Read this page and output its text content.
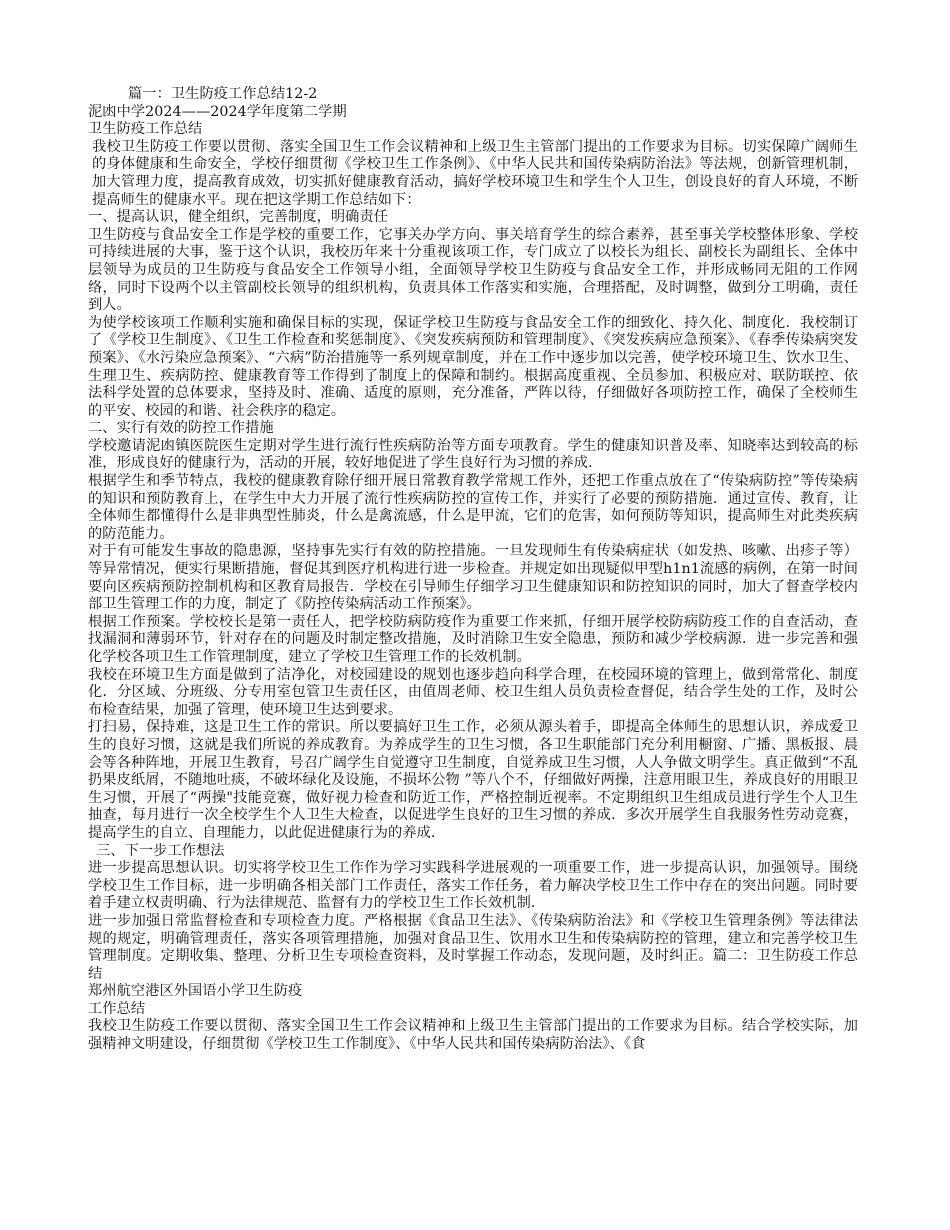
篇一：卫生防疫工作总结12-2

泥凼中学2024——2024学年度第二学期

卫生防疫工作总结

我校卫生防疫工作要以贯彻、落实全国卫生工作会议精神和上级卫生主管部门提出的工作要求为目标。切实保障广阔师生的身体健康和生命安全，学校仔细贯彻《学校卫生工作条例》、《中华人民共和国传染病防治法》等法规，创新管理机制，加大管理力度，提高教育成效，切实抓好健康教育活动，搞好学校环境卫生和学生个人卫生，创设良好的育人环境，不断提高师生的健康水平。现在把这学期工作总结如下：

一、提高认识，健全组织，完善制度，明确责任

卫生防疫与食品安全工作是学校的重要工作，它事关办学方向、事关培育学生的综合素养，甚至事关学校整体形象、学校可持续进展的大事，鉴于这个认识，我校历年来十分重视该项工作，专门成立了以校长为组长、副校长为副组长、全体中层领导为成员的卫生防疫与食品安全工作领导小组，全面领导学校卫生防疫与食品安全工作，并形成畅同无阻的工作网络，同时下设两个以主管副校长领导的组织机构，负责具体工作落实和实施，合理搭配，及时调整，做到分工明确，责任到人。

为使学校该项工作顺利实施和确保目标的实现，保证学校卫生防疫与食品安全工作的细致化、持久化、制度化．我校制订了《学校卫生制度》、《卫生工作检查和奖惩制度》、《突发疾病预防和管理制度》、《突发疾病应急预案》、《春季传染病突发预案》、《水污染应急预案》、“六病”防治措施等一系列规章制度，并在工作中逐步加以完善，使学校环境卫生、饮水卫生、生理卫生、疾病防控、健康教育等工作得到了制度上的保障和制约。根据高度重视、全员参加、积极应对、联防联控、依法科学处置的总体要求，坚持及时、准确、适度的原则，充分准备，严阵以待，仔细做好各项防控工作，确保了全校师生的平安、校园的和谐、社会秩序的稳定。

二、实行有效的防控工作措施

学校邀请泥凼镇医院医生定期对学生进行流行性疾病防治等方面专项教育。学生的健康知识普及率、知晓率达到较高的标准，形成良好的健康行为，活动的开展，较好地促进了学生良好行为习惯的养成．

根据学生和季节特点，我校的健康教育除仔细开展日常教育教学常规工作外，还把工作重点放在了“传染病防控”等传染病的知识和预防教育上，在学生中大力开展了流行性疾病防控的宣传工作，并实行了必要的预防措施．通过宣传、教育，让全体师生都懂得什么是非典型性肺炎，什么是禽流感，什么是甲流，它们的危害，如何预防等知识，提高师生对此类疾病的防范能力。

对于有可能发生事故的隐患源，坚持事先实行有效的防控措施。一旦发现师生有传染病症状（如发热、咳嗽、出疹子等）等异常情况，便实行果断措施，督促其到医疗机构进行进一步检查。并规定如出现疑似甲型h1n1流感的病例，在第一时间要向区疾病预防控制机构和区教育局报告．学校在引导师生仔细学习卫生健康知识和防控知识的同时，加大了督查学校内部卫生管理工作的力度，制定了《防控传染病活动工作预案》。

根据工作预案。学校校长是第一责任人，把学校防病防疫作为重要工作来抓，仔细开展学校防病防疫工作的自查活动，查找漏洞和薄弱环节，针对存在的问题及时制定整改措施，及时消除卫生安全隐患，预防和减少学校病源．进一步完善和强化学校各项卫生工作管理制度，建立了学校卫生管理工作的长效机制。

我校在环境卫生方面是做到了洁净化，对校园建设的规划也逐步趋向科学合理，在校园环境的管理上，做到常常化、制度化．分区域、分班级、分专用室包管卫生责任区，由值周老师、校卫生组人员负责检查督促，结合学生处的工作，及时公布检查结果，加强了管理，使环境卫生达到要求。

打扫易，保持难，这是卫生工作的常识。所以要搞好卫生工作，必须从源头着手，即提高全体师生的思想认识，养成爱卫生的良好习惯，这就是我们所说的养成教育。为养成学生的卫生习惯，各卫生职能部门充分利用橱窗、广播、黑板报、晨会等各种阵地，开展卫生教育，号召广阔学生自觉遵守卫生制度，自觉养成卫生习惯，人人争做文明学生。真正做到“不乱扔果皮纸屑，不随地吐痰，不破坏绿化及设施，不损坏公物 ”等八个不，仔细做好两操，注意用眼卫生，养成良好的用眼卫生习惯，开展了“两操"技能竞赛，做好视力检查和防近工作，严格控制近视率。不定期组织卫生组成员进行学生个人卫生抽查，每月进行一次全校学生个人卫生大检查，以促进学生良好的卫生习惯的养成．多次开展学生自我服务性劳动竞赛，提高学生的自立、自理能力，以此促进健康行为的养成．

三、下一步工作想法

进一步提高思想认识。切实将学校卫生工作作为学习实践科学进展观的一项重要工作，进一步提高认识，加强领导。围绕学校卫生工作目标，进一步明确各相关部门工作责任，落实工作任务，着力解决学校卫生工作中存在的突出问题。同时要着手建立权责明确、行为法律规范、监督有力的学校卫生工作长效机制．

进一步加强日常监督检查和专项检查力度。严格根据《食品卫生法》、《传染病防治法》和《学校卫生管理条例》等法律法规的规定，明确管理责任，落实各项管理措施，加强对食品卫生、饮用水卫生和传染病防控的管理，建立和完善学校卫生管理制度。定期收集、整理、分析卫生专项检查资料，及时掌握工作动态，发现问题，及时纠正。篇二：卫生防疫工作总结

郑州航空港区外国语小学卫生防疫

工作总结

我校卫生防疫工作要以贯彻、落实全国卫生工作会议精神和上级卫生主管部门提出的工作要求为目标。结合学校实际，加强精神文明建设，仔细贯彻《学校卫生工作制度》、《中华人民共和国传染病防治法》、《食
